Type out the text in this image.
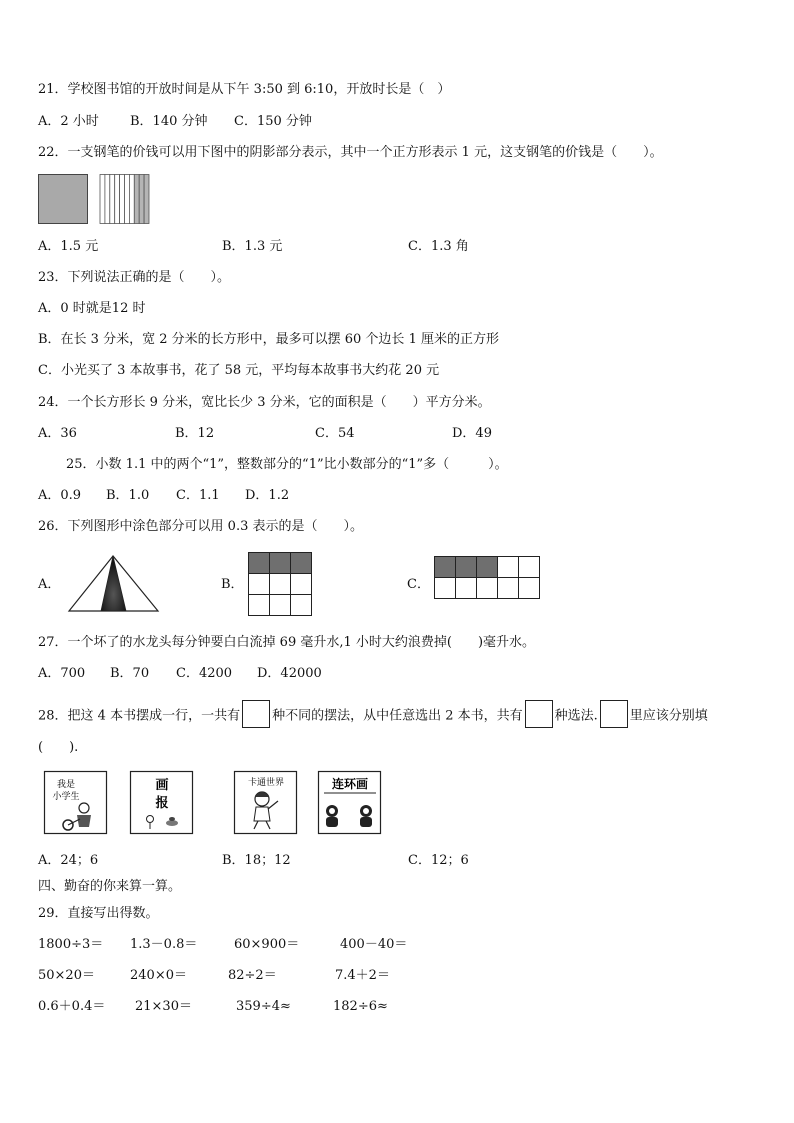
21．学校图书馆的开放时间是从下午 3:50 到 6:10，开放时长是（　）
A．2 小时 B．140 分钟 C．150 分钟
22．一支钢笔的价钱可以用下图中的阴影部分表示，其中一个正方形表示 1 元，这支钢笔的价钱是（　　）。
A．1.5 元	B．1.3 元	C．1.3 角
23．下列说法正确的是（　　）。
A．0 时就是12 时
B．在长 3 分米，宽 2 分米的长方形中，最多可以摆 60 个边长 1 厘米的正方形
C．小光买了 3 本故事书，花了 58 元，平均每本故事书大约花 20 元
24．一个长方形长 9 分米，宽比长少 3 分米，它的面积是（　　）平方分米。
A．36	B．12	C．54	D．49
25．小数 1.1 中的两个“1”，整数部分的“1”比小数部分的“1”多（　　　）。
A．0.9 B．1.0 C．1.1 D．1.2
26．下列图形中涂色部分可以用 0.3 表示的是（　　）。
A．	B．	C．
27．一个坏了的水龙头每分钟要白白流掉 69 毫升水,1 小时大约浪费掉(　　)毫升水。
A．700 B．70 C．4200 D．42000
28．把这 4 本书摆成一行，一共有 种不同的摆法，从中任意选出 2 本书，共有 种选法. 里应该分别填
(　　).
我是
小学生
画
报
卡通世界	连环画
A．24；6	B．18；12	C．12；6
四、勤奋的你来算一算。
29．直接写出得数。
1800÷3＝ 1.3－0.8＝	60×900＝	400－40＝
50×20＝	240×0＝	82÷2＝	7.4＋2＝
0.6＋0.4＝ 21×30＝	359÷4≈	182÷6≈
